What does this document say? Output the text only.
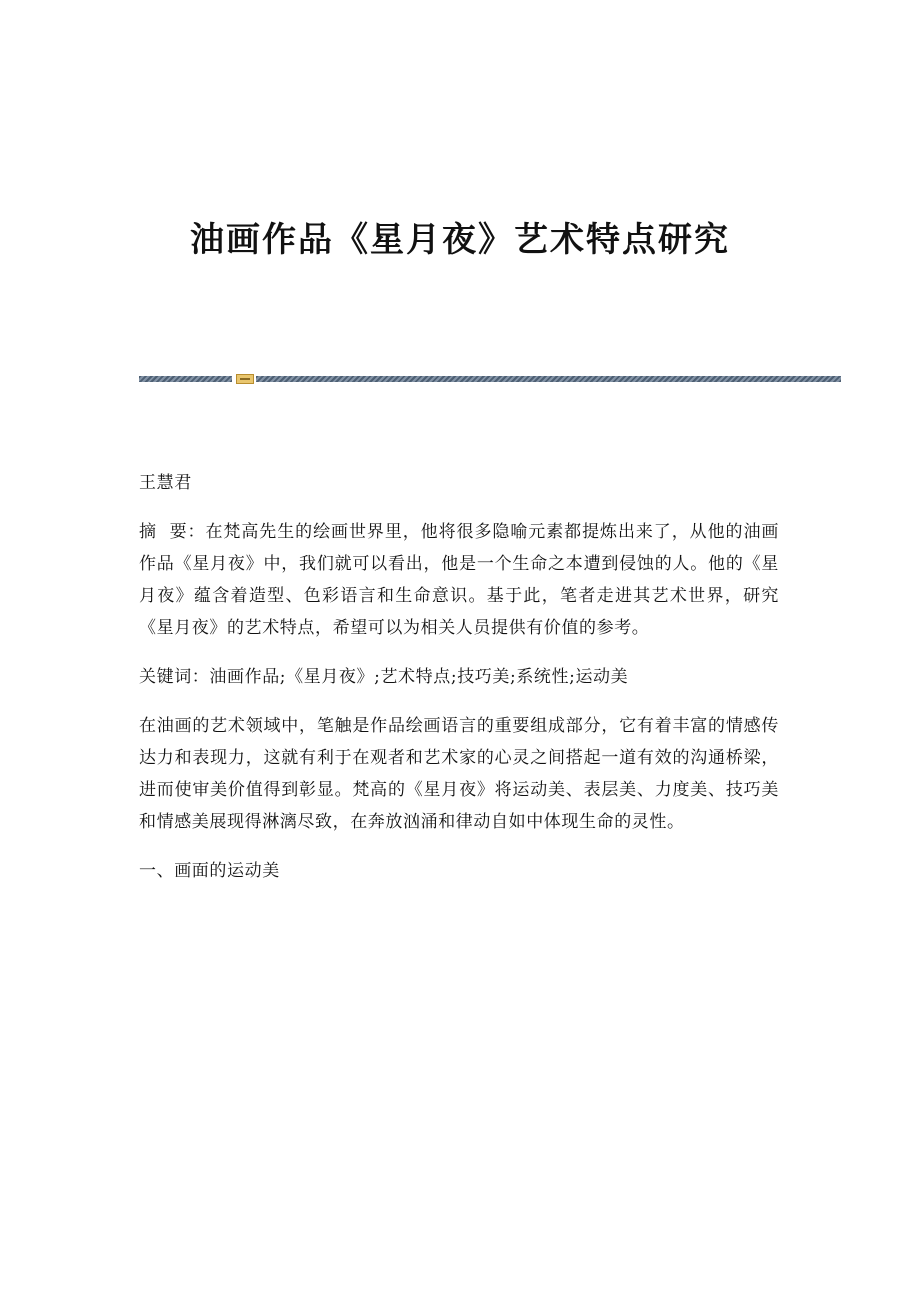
油画作品《星月夜》艺术特点研究

王慧君

摘  要：在梵高先生的绘画世界里，他将很多隐喻元素都提炼出来了，从他的油画作品《星月夜》中，我们就可以看出，他是一个生命之本遭到侵蚀的人。他的《星月夜》蕴含着造型、色彩语言和生命意识。基于此，笔者走进其艺术世界，研究《星月夜》的艺术特点，希望可以为相关人员提供有价值的参考。

关键词：油画作品;《星月夜》;艺术特点;技巧美;系统性;运动美

在油画的艺术领域中，笔触是作品绘画语言的重要组成部分，它有着丰富的情感传达力和表现力，这就有利于在观者和艺术家的心灵之间搭起一道有效的沟通桥梁，进而使审美价值得到彰显。梵高的《星月夜》将运动美、表层美、力度美、技巧美和情感美展现得淋漓尽致，在奔放汹涌和律动自如中体现生命的灵性。

一、画面的运动美
